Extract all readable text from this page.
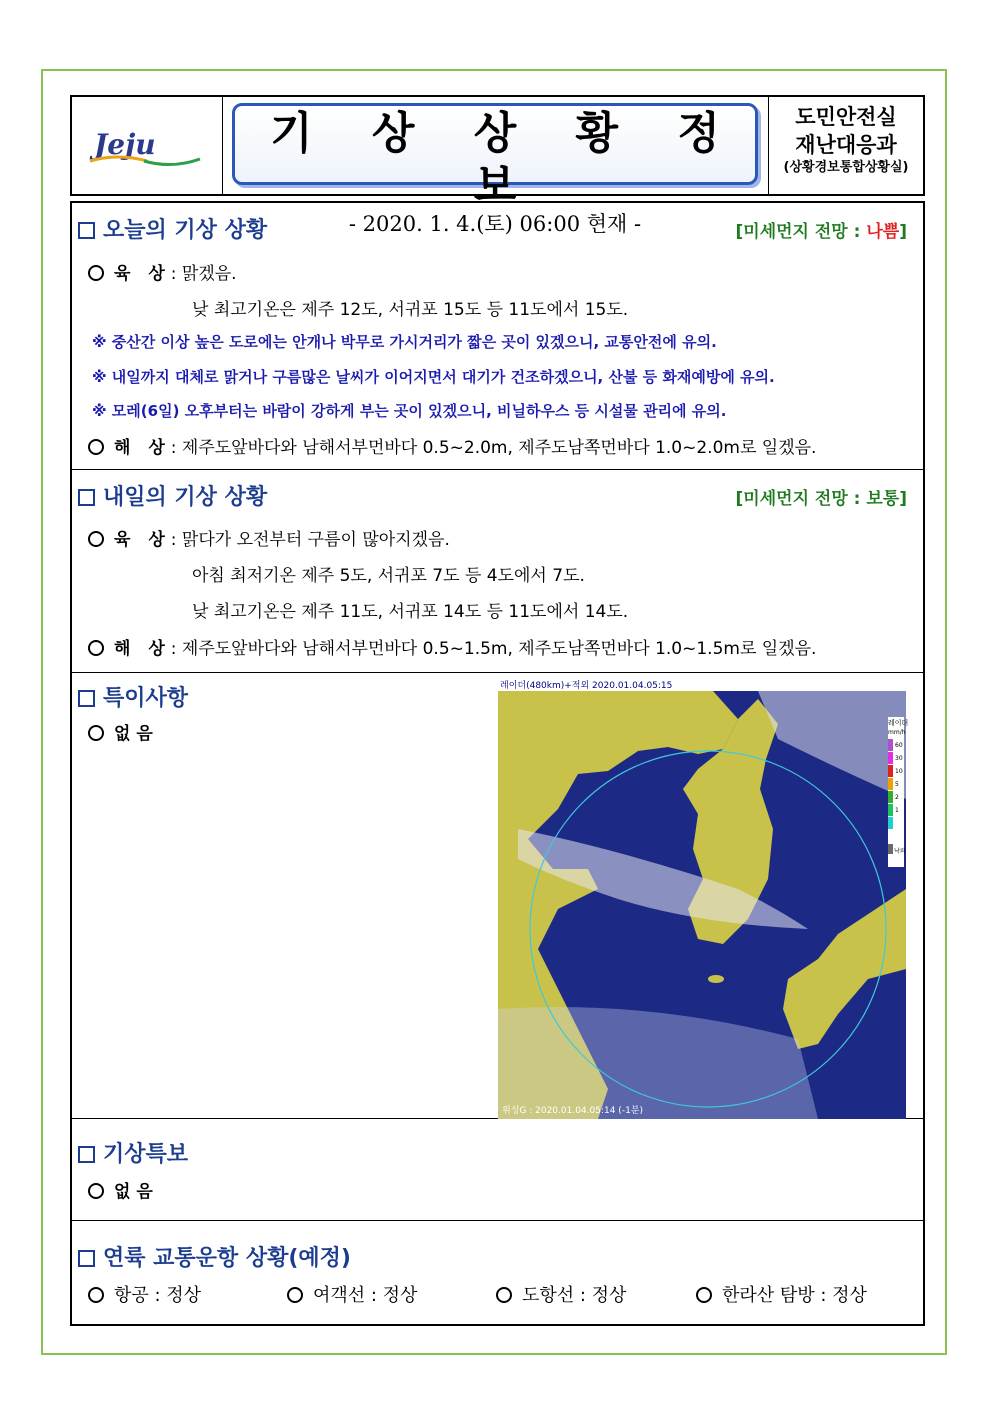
Jeju	기 상 상 황 정 보
- 2020. 1. 4.(토) 06:00 현재 -
도민안전실
재난대응과
(상황경보통합상황실)
오늘의 기상 상황	[미세먼지 전망 : 나쁨]
육 상: 맑겠음.
낮 최고기온은 제주 12도, 서귀포 15도 등 11도에서 15도.
※ 중산간 이상 높은 도로에는 안개나 박무로 가시거리가 짧은 곳이 있겠으니, 교통안전에 유의.
※ 내일까지 대체로 맑거나 구름많은 날씨가 이어지면서 대기가 건조하겠으니, 산불 등 화재예방에 유의.
※ 모레(6일) 오후부터는 바람이 강하게 부는 곳이 있겠으니, 비닐하우스 등 시설물 관리에 유의.
해 상: 제주도앞바다와 남해서부먼바다 0.5~2.0m, 제주도남쪽먼바다 1.0~2.0m로 일겠음.
내일의 기상 상황	[미세먼지 전망 : 보통]
육 상: 맑다가 오전부터 구름이 많아지겠음.
아침 최저기온 제주 5도, 서귀포 7도 등 4도에서 7도.
낮 최고기온은 제주 11도, 서귀포 14도 등 11도에서 14도.
해 상: 제주도앞바다와 남해서부먼바다 0.5~1.5m, 제주도남쪽먼바다 1.0~1.5m로 일겠음.
특이사항
없 음
레이더(480km)+적외 2020.01.04.05:15
레이더
mm/h
60
30
10
5
2
1
낙뢰
위성G : 2020.01.04.05:14 (-1분)
기상특보
없 음
연륙 교통운항 상황(예정)
항공 : 정상	여객선 : 정상	도항선 : 정상	한라산 탐방 : 정상
